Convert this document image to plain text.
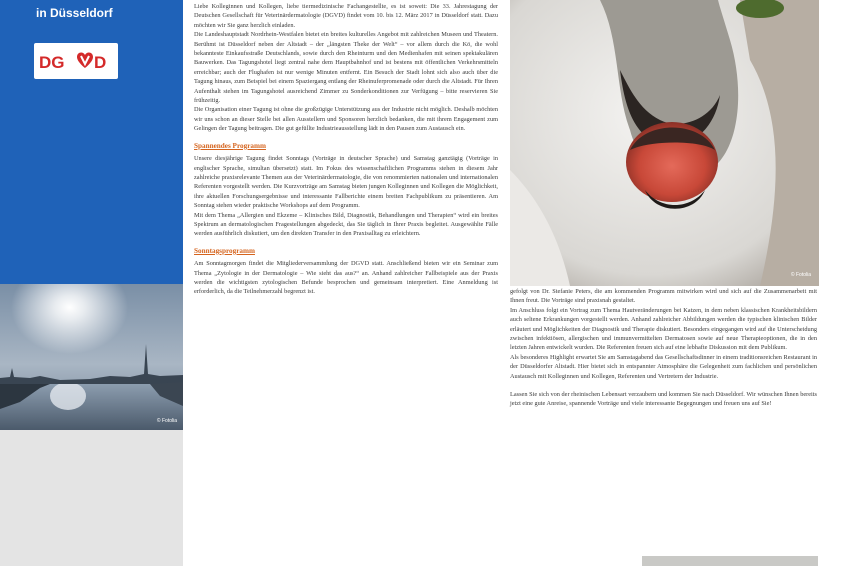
in Düsseldorf
DG D
© Fotolia

Liebe Kolleginnen und Kollegen, liebe tiermedizinische Fachangestellte, es ist soweit: Die 33. Jahrestagung der Deutschen Gesellschaft für Veterinärdermatologie (DGVD) findet vom 10. bis 12. März 2017 in Düsseldorf statt. Dazu möchten wir Sie ganz herzlich einladen.

Die Landeshauptstadt Nordrhein-Westfalen bietet ein breites kulturelles Angebot mit zahlreichen Museen und Theatern. Berühmt ist Düsseldorf neben der Altstadt – der „längsten Theke der Welt“ – vor allem durch die Kö, die wohl bekannteste Einkaufsstraße Deutschlands, sowie durch den Rheinturm und den Medienhafen mit seinen spektakulären Bauwerken. Das Tagungshotel liegt zentral nahe dem Hauptbahnhof und ist bestens mit öffentlichen Verkehrsmitteln erreichbar; auch der Flughafen ist nur wenige Minuten entfernt. Ein Besuch der Stadt lohnt sich also auch über die Tagung hinaus, zum Beispiel bei einem Spaziergang entlang der Rheinuferpromenade oder durch die Altstadt. Für Ihren Aufenthalt stehen im Tagungshotel ausreichend Zimmer zu Sonderkonditionen zur Verfügung – bitte reservieren Sie frühzeitig.

Die Organisation einer Tagung ist ohne die großzügige Unterstützung aus der Industrie nicht möglich. Deshalb möchten wir uns schon an dieser Stelle bei allen Ausstellern und Sponsoren herzlich bedanken, die mit ihrem Engagement zum Gelingen der Tagung beitragen. Die gut gefüllte Industrieausstellung lädt in den Pausen zum Austausch ein.

Spannendes Programm

Unsere diesjährige Tagung findet Sonntags (Vorträge in deutscher Sprache) und Samstag ganztägig (Vorträge in englischer Sprache, simultan übersetzt) statt. Im Fokus des wissenschaftlichen Programms stehen in diesem Jahr zahlreiche praxisrelevante Themen aus der Veterinärdermatologie, die von renommierten nationalen und internationalen Referenten vorgestellt werden. Die Kurzvorträge am Samstag bieten jungen Kolleginnen und Kollegen die Möglichkeit, ihre aktuellen Forschungsergebnisse und interessante Fallberichte einem breiten Fachpublikum zu präsentieren. Am Sonntag stehen wieder praktische Workshops auf dem Programm.

Mit dem Thema „Allergien und Ekzeme – Klinisches Bild, Diagnostik, Behandlungen und Therapien“ wird ein breites Spektrum an dermatologischen Fragestellungen abgedeckt, das Sie täglich in Ihrer Praxis begleitet. Ausgewählte Fälle werden ausführlich diskutiert, um den direkten Transfer in den Praxisalltag zu erleichtern.

Sonntagsprogramm

Am Sonntagmorgen findet die Mitgliederversammlung der DGVD statt. Anschließend bieten wir ein Seminar zum Thema „Zytologie in der Dermatologie – Wie sieht das aus?“ an. Anhand zahlreicher Fallbeispiele aus der Praxis werden die wichtigsten zytologischen Befunde besprochen und gemeinsam interpretiert. Eine Anmeldung ist erforderlich, da die Teilnehmerzahl begrenzt ist.

© Fotolia

gefolgt von Dr. Stefanie Peters, die am kommenden Programm mitwirken wird und sich auf die Zusammenarbeit mit Ihnen freut. Die Vorträge sind praxisnah gestaltet.

Im Anschluss folgt ein Vortrag zum Thema Hautveränderungen bei Katzen, in dem neben klassischen Krankheitsbildern auch seltene Erkrankungen vorgestellt werden. Anhand zahlreicher Abbildungen werden die typischen klinischen Bilder erläutert und Möglichkeiten der Diagnostik und Therapie diskutiert. Besonders eingegangen wird auf die Unterscheidung zwischen infektiösen, allergischen und immunvermittelten Dermatosen sowie auf neue Therapieoptionen, die in den letzten Jahren entwickelt wurden. Die Referenten freuen sich auf eine lebhafte Diskussion mit dem Publikum.

Als besonderes Highlight erwartet Sie am Samstagabend das Gesellschaftsdinner in einem traditionsreichen Restaurant in der Düsseldorfer Altstadt. Hier bietet sich in entspannter Atmosphäre die Gelegenheit zum fachlichen und persönlichen Austausch mit Kolleginnen und Kollegen, Referenten und Vertretern der Industrie.

Lassen Sie sich von der rheinischen Lebensart verzaubern und kommen Sie nach Düsseldorf. Wir wünschen Ihnen bereits jetzt eine gute Anreise, spannende Vorträge und viele interessante Begegnungen und freuen uns auf Sie!
